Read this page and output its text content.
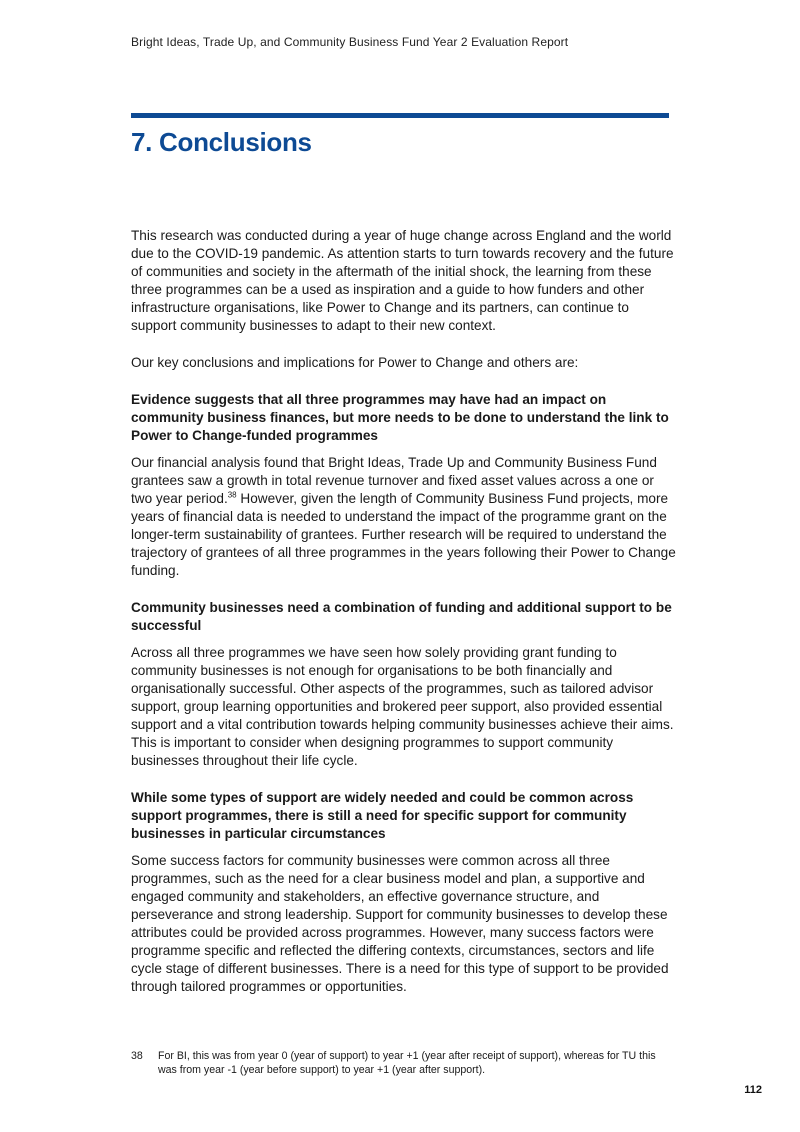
Bright Ideas, Trade Up, and Community Business Fund Year 2 Evaluation Report
7. Conclusions

This research was conducted during a year of huge change across England and the world due to the COVID-19 pandemic. As attention starts to turn towards recovery and the future of communities and society in the aftermath of the initial shock, the learning from these three programmes can be a used as inspiration and a guide to how funders and other infrastructure organisations, like Power to Change and its partners, can continue to support community businesses to adapt to their new context.

Our key conclusions and implications for Power to Change and others are:

Evidence suggests that all three programmes may have had an impact on community business finances, but more needs to be done to understand the link to Power to Change-funded programmes

Our financial analysis found that Bright Ideas, Trade Up and Community Business Fund grantees saw a growth in total revenue turnover and fixed asset values across a one or two year period.$^{38}$ However, given the length of Community Business Fund projects, more years of financial data is needed to understand the impact of the programme grant on the longer-term sustainability of grantees. Further research will be required to understand the trajectory of grantees of all three programmes in the years following their Power to Change funding.

Community businesses need a combination of funding and additional support to be successful

Across all three programmes we have seen how solely providing grant funding to community businesses is not enough for organisations to be both financially and organisationally successful. Other aspects of the programmes, such as tailored advisor support, group learning opportunities and brokered peer support, also provided essential support and a vital contribution towards helping community businesses achieve their aims. This is important to consider when designing programmes to support community businesses throughout their life cycle.

While some types of support are widely needed and could be common across support programmes, there is still a need for specific support for community businesses in particular circumstances

Some success factors for community businesses were common across all three programmes, such as the need for a clear business model and plan, a supportive and engaged community and stakeholders, an effective governance structure, and perseverance and strong leadership. Support for community businesses to develop these attributes could be provided across programmes. However, many success factors were programme specific and reflected the differing contexts, circumstances, sectors and life cycle stage of different businesses. There is a need for this type of support to be provided through tailored programmes or opportunities.

38	For BI, this was from year 0 (year of support) to year +1 (year after receipt of support), whereas for TU this was from year -1 (year before support) to year +1 (year after support).
112
